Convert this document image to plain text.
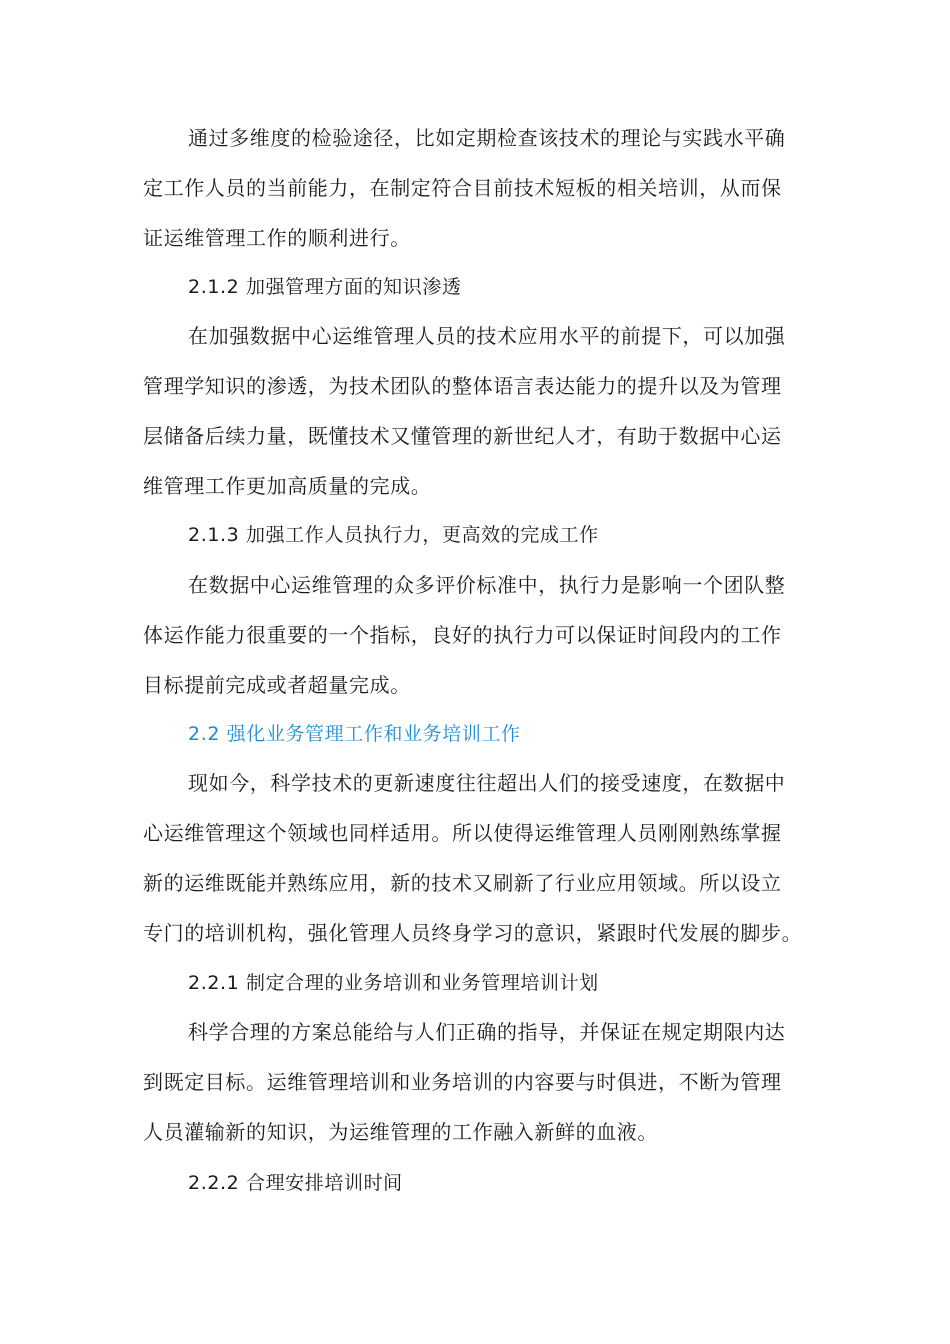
通过多维度的检验途径，比如定期检查该技术的理论与实践水平确
定工作人员的当前能力，在制定符合目前技术短板的相关培训，从而保
证运维管理工作的顺利进行。
2.1.2 加强管理方面的知识渗透
在加强数据中心运维管理人员的技术应用水平的前提下，可以加强
管理学知识的渗透，为技术团队的整体语言表达能力的提升以及为管理
层储备后续力量，既懂技术又懂管理的新世纪人才，有助于数据中心运
维管理工作更加高质量的完成。
2.1.3 加强工作人员执行力，更高效的完成工作
在数据中心运维管理的众多评价标准中，执行力是影响一个团队整
体运作能力很重要的一个指标，良好的执行力可以保证时间段内的工作
目标提前完成或者超量完成。
2.2 强化业务管理工作和业务培训工作
现如今，科学技术的更新速度往往超出人们的接受速度，在数据中
心运维管理这个领域也同样适用。所以使得运维管理人员刚刚熟练掌握
新的运维既能并熟练应用，新的技术又刷新了行业应用领域。所以设立
专门的培训机构，强化管理人员终身学习的意识，紧跟时代发展的脚步。
2.2.1 制定合理的业务培训和业务管理培训计划
科学合理的方案总能给与人们正确的指导，并保证在规定期限内达
到既定目标。运维管理培训和业务培训的内容要与时俱进，不断为管理
人员灌输新的知识，为运维管理的工作融入新鲜的血液。
2.2.2 合理安排培训时间
